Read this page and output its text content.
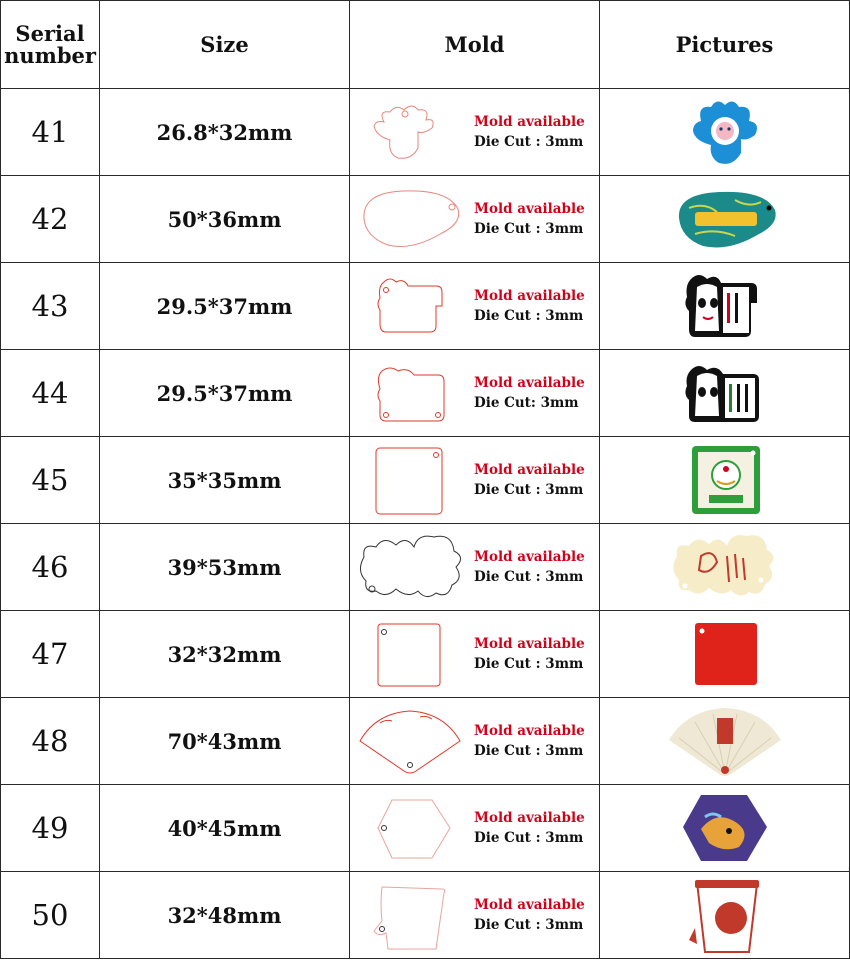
Serial number	Size	Mold	Pictures
41	26.8*32mm	Mold available
Die Cut : 3mm

42	50*36mm	Mold available
Die Cut : 3mm

43	29.5*37mm	Mold available
Die Cut : 3mm

44	29.5*37mm	Mold available
Die Cut: 3mm

45	35*35mm	Mold available
Die Cut : 3mm

46	39*53mm	Mold available
Die Cut : 3mm

47	32*32mm	Mold available
Die Cut : 3mm

48	70*43mm	Mold available
Die Cut : 3mm

49	40*45mm	Mold available
Die Cut : 3mm

50	32*48mm	Mold available
Die Cut : 3mm
